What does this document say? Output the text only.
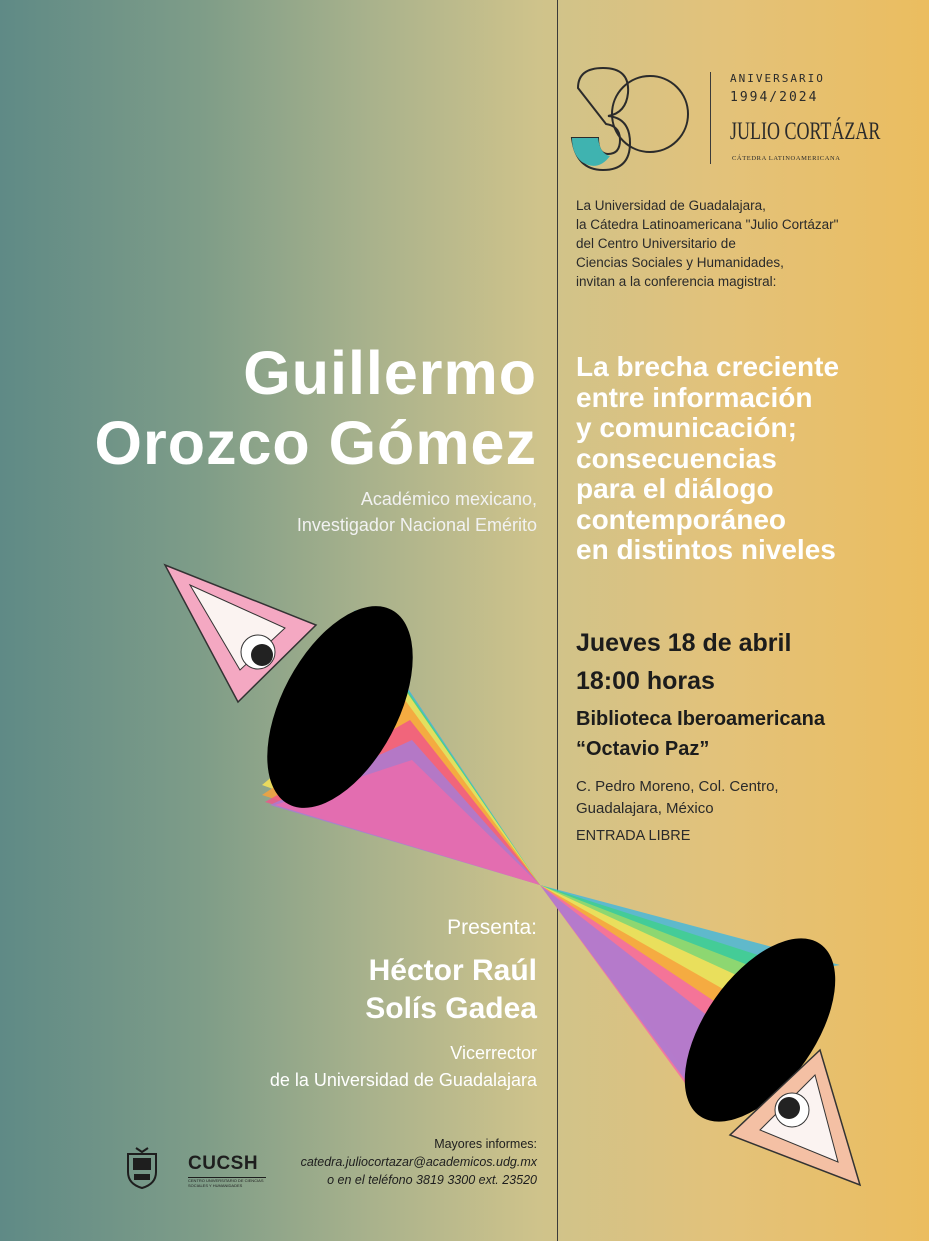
ANIVERSARIO
1994/2024
JULIO CORTÁZAR
CÁTEDRA LATINOAMERICANA
La Universidad de Guadalajara,
la Cátedra Latinoamericana "Julio Cortázar"
del Centro Universitario de
Ciencias Sociales y Humanidades,
invitan a la conferencia magistral:
Guillermo
Orozco Gómez
Académico mexicano,
Investigador Nacional Emérito
La brecha creciente
entre información
y comunicación;
consecuencias
para el diálogo
contemporáneo
en distintos niveles
Jueves 18 de abril
18:00 horas
Biblioteca Iberoamericana
“Octavio Paz”
C. Pedro Moreno, Col. Centro,
Guadalajara, México
ENTRADA LIBRE
Presenta:
Héctor Raúl
Solís Gadea
Vicerrector
de la Universidad de Guadalajara
CUCSH
CENTRO UNIVERSITARIO DE CIENCIAS SOCIALES Y HUMANIDADES
Mayores informes:
catedra.juliocortazar@academicos.udg.mx
o en el teléfono 3819 3300 ext. 23520
